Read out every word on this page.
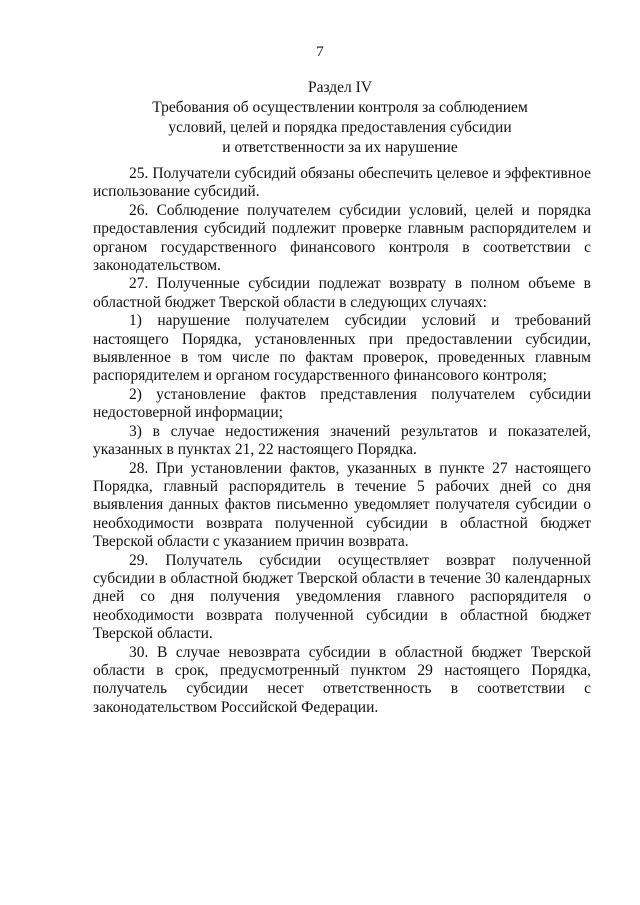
7
Раздел IV
Требования об осуществлении контроля за соблюдением
условий, целей и порядка предоставления субсидии
и ответственности за их нарушение

25. Получатели субсидий обязаны обеспечить целевое и эффективное использование субсидий.

26. Соблюдение получателем субсидии условий, целей и порядка предоставления субсидий подлежит проверке главным распорядителем и органом государственного финансового контроля в соответствии с законодательством.

27. Полученные субсидии подлежат возврату в полном объеме в областной бюджет Тверской области в следующих случаях:

1) нарушение получателем субсидии условий и требований настоящего Порядка, установленных при предоставлении субсидии, выявленное в том числе по фактам проверок, проведенных главным распорядителем и органом государственного финансового контроля;

2) установление фактов представления получателем субсидии недостоверной информации;

3) в случае недостижения значений результатов и показателей, указанных в пунктах 21, 22 настоящего Порядка.

28. При установлении фактов, указанных в пункте 27 настоящего Порядка, главный распорядитель в течение 5 рабочих дней со дня выявления данных фактов письменно уведомляет получателя субсидии о необходимости возврата полученной субсидии в областной бюджет Тверской области с указанием причин возврата.

29. Получатель субсидии осуществляет возврат полученной субсидии в областной бюджет Тверской области в течение 30 календарных дней со дня получения уведомления главного распорядителя о необходимости возврата полученной субсидии в областной бюджет Тверской области.

30. В случае невозврата субсидии в областной бюджет Тверской области в срок, предусмотренный пунктом 29 настоящего Порядка, получатель субсидии несет ответственность в соответствии с законодательством Российской Федерации.
